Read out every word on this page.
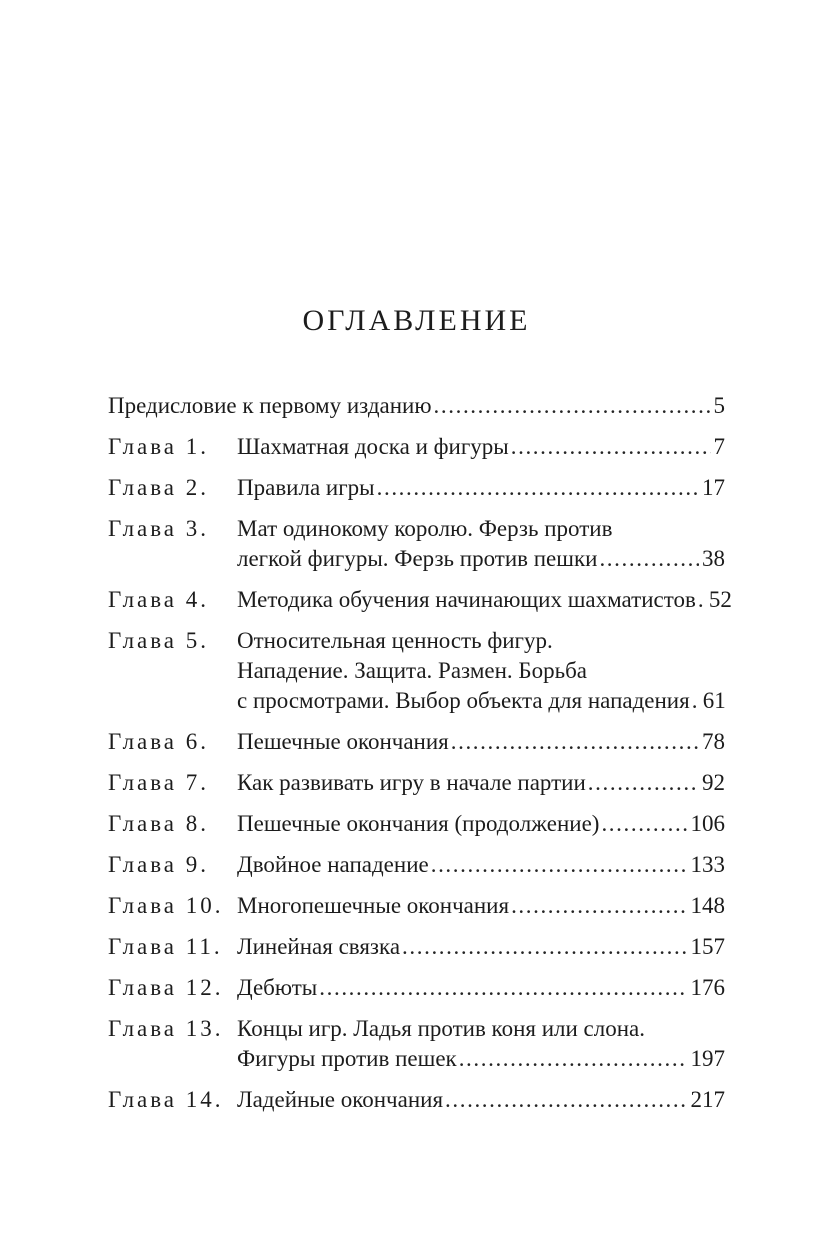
ОГЛАВЛЕНИЕ
Предисловие к первому изданию .....	5
Глава 1.	Шахматная доска и фигуры .....	7
Глава 2.	Правила игры .....	17
Глава 3.	Мат одинокому королю. Ферзь против
легкой фигуры. Ферзь против пешки .....	38
Глава 4.	Методика обучения начинающих шахматистов ..... 52
Глава 5.	Относительная ценность фигур.
Нападение. Защита. Размен. Борьба
с просмотрами. Выбор объекта для нападения ..... 61
Глава 6.	Пешечные окончания .....	78
Глава 7.	Как развивать игру в начале партии .....	92
Глава 8.	Пешечные окончания (продолжение) .....	106
Глава 9.	Двойное нападение .....	133
Глава 10. Многопешечные окончания .....	148
Глава 11. Линейная связка .....	157
Глава 12. Дебюты .....	176
Глава 13. Концы игр. Ладья против коня или слона.
Фигуры против пешек .....	197
Глава 14. Ладейные окончания .....	217
